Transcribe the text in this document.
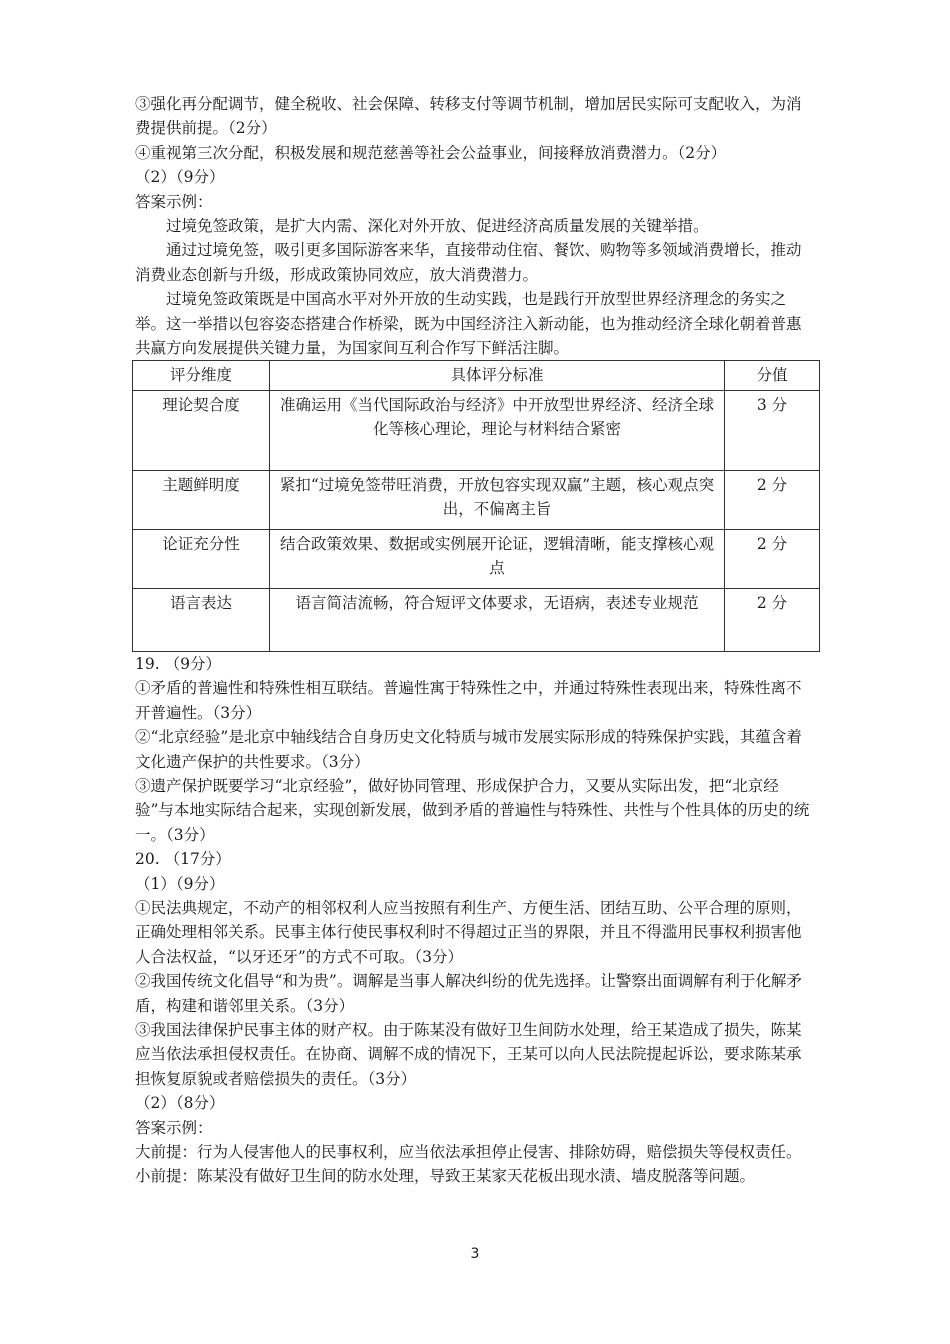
③强化再分配调节，健全税收、社会保障、转移支付等调节机制，增加居民实际可支配收入，为消费提供前提。（2分）

④重视第三次分配，积极发展和规范慈善等社会公益事业，间接释放消费潜力。（2分）

（2）（9分）

答案示例：

过境免签政策，是扩大内需、深化对外开放、促进经济高质量发展的关键举措。

通过过境免签，吸引更多国际游客来华，直接带动住宿、餐饮、购物等多领域消费增长，推动消费业态创新与升级，形成政策协同效应，放大消费潜力。

过境免签政策既是中国高水平对外开放的生动实践，也是践行开放型世界经济理念的务实之举。这一举措以包容姿态搭建合作桥梁，既为中国经济注入新动能，也为推动经济全球化朝着普惠共赢方向发展提供关键力量，为国家间互利合作写下鲜活注脚。

评分维度	具体评分标准	分值
理论契合度	准确运用《当代国际政治与经济》中开放型世界经济、经济全球化等核心理论，理论与材料结合紧密	3 分
主题鲜明度	紧扣“过境免签带旺消费，开放包容实现双赢”主题，核心观点突出，不偏离主旨	2 分
论证充分性	结合政策效果、数据或实例展开论证，逻辑清晰，能支撑核心观点	2 分
语言表达	语言简洁流畅，符合短评文体要求，无语病，表述专业规范	2 分

19. （9分）

①矛盾的普遍性和特殊性相互联结。普遍性寓于特殊性之中，并通过特殊性表现出来，特殊性离不开普遍性。（3分）

②“北京经验”是北京中轴线结合自身历史文化特质与城市发展实际形成的特殊保护实践，其蕴含着文化遗产保护的共性要求。（3分）

③遗产保护既要学习“北京经验”，做好协同管理、形成保护合力，又要从实际出发，把“北京经验”与本地实际结合起来，实现创新发展，做到矛盾的普遍性与特殊性、共性与个性具体的历史的统一。（3分）

20. （17分）

（1）（9分）

①民法典规定，不动产的相邻权利人应当按照有利生产、方便生活、团结互助、公平合理的原则，正确处理相邻关系。民事主体行使民事权利时不得超过正当的界限，并且不得滥用民事权利损害他人合法权益，“以牙还牙”的方式不可取。（3分）

②我国传统文化倡导“和为贵”。调解是当事人解决纠纷的优先选择。让警察出面调解有利于化解矛盾，构建和谐邻里关系。（3分）

③我国法律保护民事主体的财产权。由于陈某没有做好卫生间防水处理，给王某造成了损失，陈某应当依法承担侵权责任。在协商、调解不成的情况下，王某可以向人民法院提起诉讼，要求陈某承担恢复原貌或者赔偿损失的责任。（3分）

（2）（8分）

答案示例：

大前提：行为人侵害他人的民事权利，应当依法承担停止侵害、排除妨碍，赔偿损失等侵权责任。

小前提：陈某没有做好卫生间的防水处理，导致王某家天花板出现水渍、墙皮脱落等问题。

3
